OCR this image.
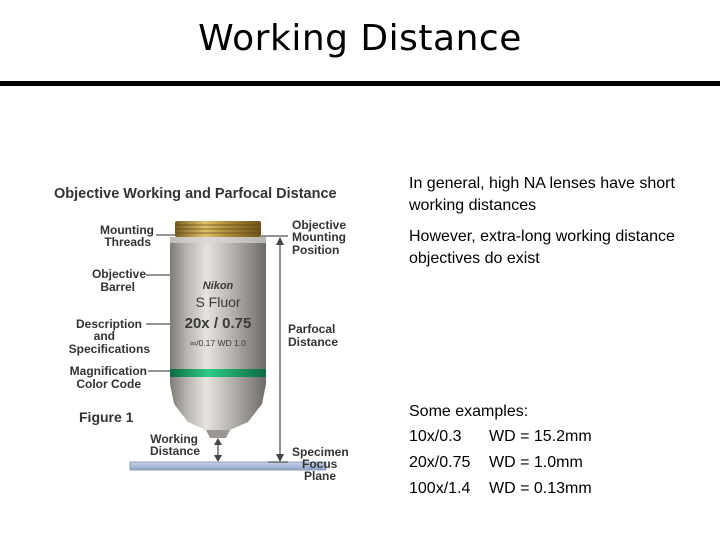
Working Distance
Objective Working and Parfocal Distance
Nikon
S Fluor
20x / 0.75
∞/0.17 WD 1.0
Mounting
Threads
Objective
Barrel
Description
and
Specifications
Magnification
Color Code
Working
Distance
Figure 1
Objective
Mounting
Position
Parfocal
Distance
Specimen
Focus
Plane
In general, high NA lenses have short working distances
However, extra-long working distance objectives do exist
Some examples:
10x/0.3	WD = 15.2mm
20x/0.75	WD = 1.0mm
100x/1.4	WD = 0.13mm
